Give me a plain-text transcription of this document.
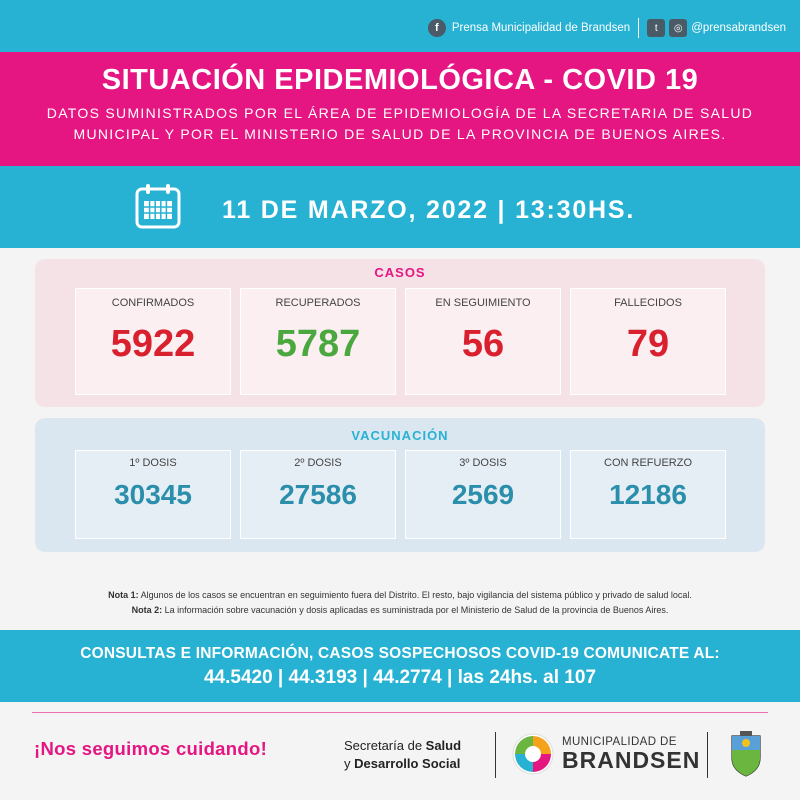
f	Prensa Municipalidad de Brandsen	t	◎ @prensabrandsen
SITUACIÓN EPIDEMIOLÓGICA - COVID 19
DATOS SUMINISTRADOS POR EL ÁREA DE EPIDEMIOLOGÍA DE LA SECRETARIA DE SALUD
MUNICIPAL Y POR EL MINISTERIO DE SALUD DE LA PROVINCIA DE BUENOS AIRES.
11 DE MARZO, 2022 | 13:30HS.
CASOS
CONFIRMADOS
5922
RECUPERADOS
5787
EN SEGUIMIENTO
56
FALLECIDOS
79
VACUNACIÓN
1º DOSIS
30345
2º DOSIS
27586
3º DOSIS
2569
CON REFUERZO
12186
Nota 1: Algunos de los casos se encuentran en seguimiento fuera del Distrito. El resto, bajo vigilancia del sistema público y privado de salud local.
Nota 2: La información sobre vacunación y dosis aplicadas es suministrada por el Ministerio de Salud de la provincia de Buenos Aires.
CONSULTAS E INFORMACIÓN, CASOS SOSPECHOSOS COVID-19 COMUNICATE AL:
44.5420 | 44.3193 | 44.2774 | las 24hs. al 107
¡Nos seguimos cuidando!	Secretaría de Salud
y Desarrollo Social
MUNICIPALIDAD DE
BRANDSEN
